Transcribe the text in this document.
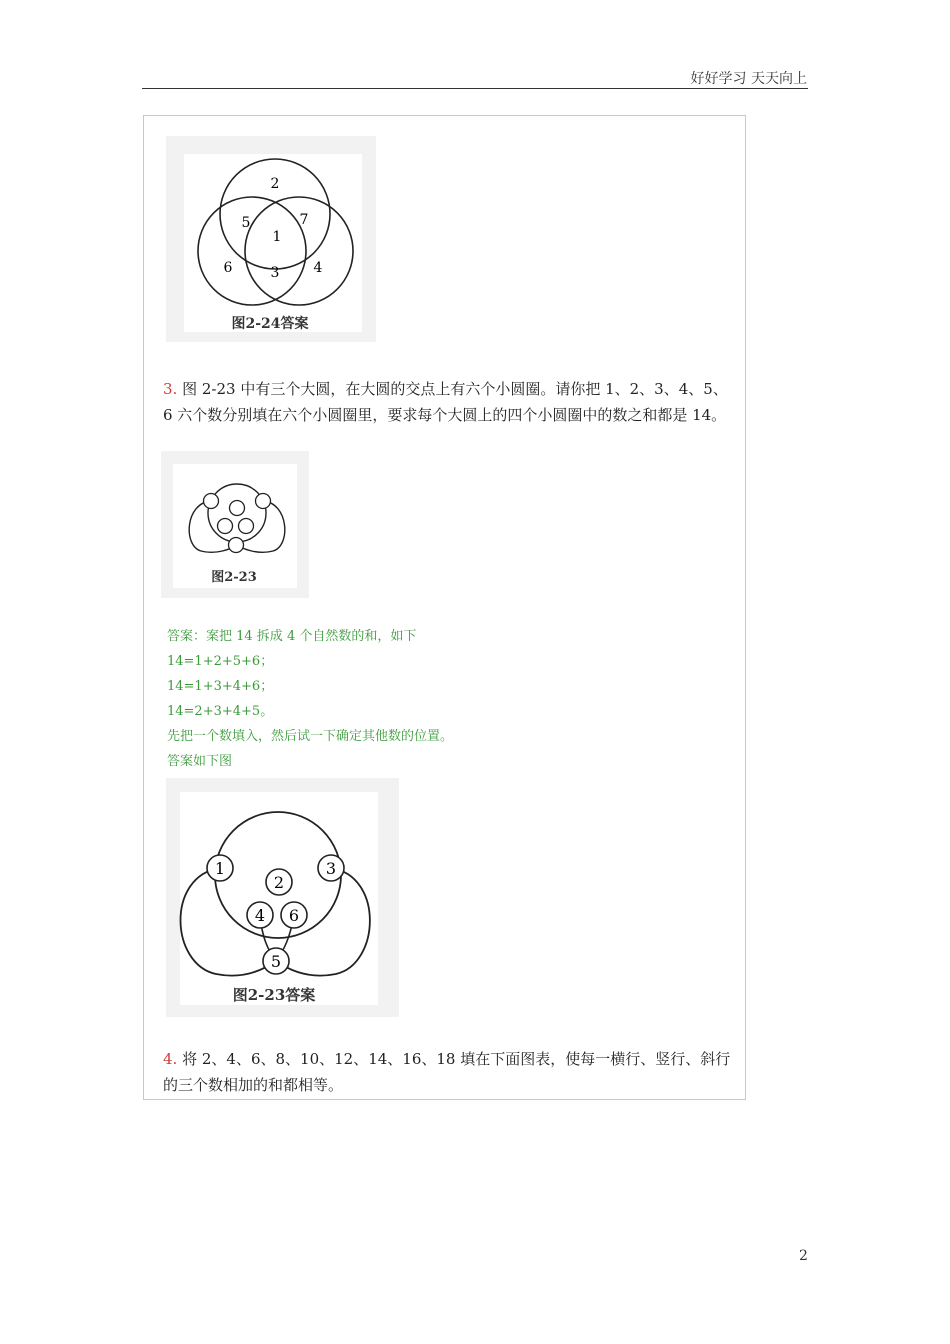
好好学习 天天向上
2
5	7
1
6	3 4
图2-24答案
3. 图 2-23 中有三个大圆，在大圆的交点上有六个小圆圈。请你把 1、2、3、4、5、6 六个数分别填在六个小圆圈里，要求每个大圆上的四个小圆圈中的数之和都是 14。
图2-23
答案：案把 14 拆成 4 个自然数的和，如下
14=1+2+5+6；
14=1+3+4+6；
14=2+3+4+5。
先把一个数填入，然后试一下确定其他数的位置。
答案如下图
1
2
3
4 6
5
图2-23答案
4. 将 2、4、6、8、10、12、14、16、18 填在下面图表，使每一横行、竖行、斜行的三个数相加的和都相等。
2
